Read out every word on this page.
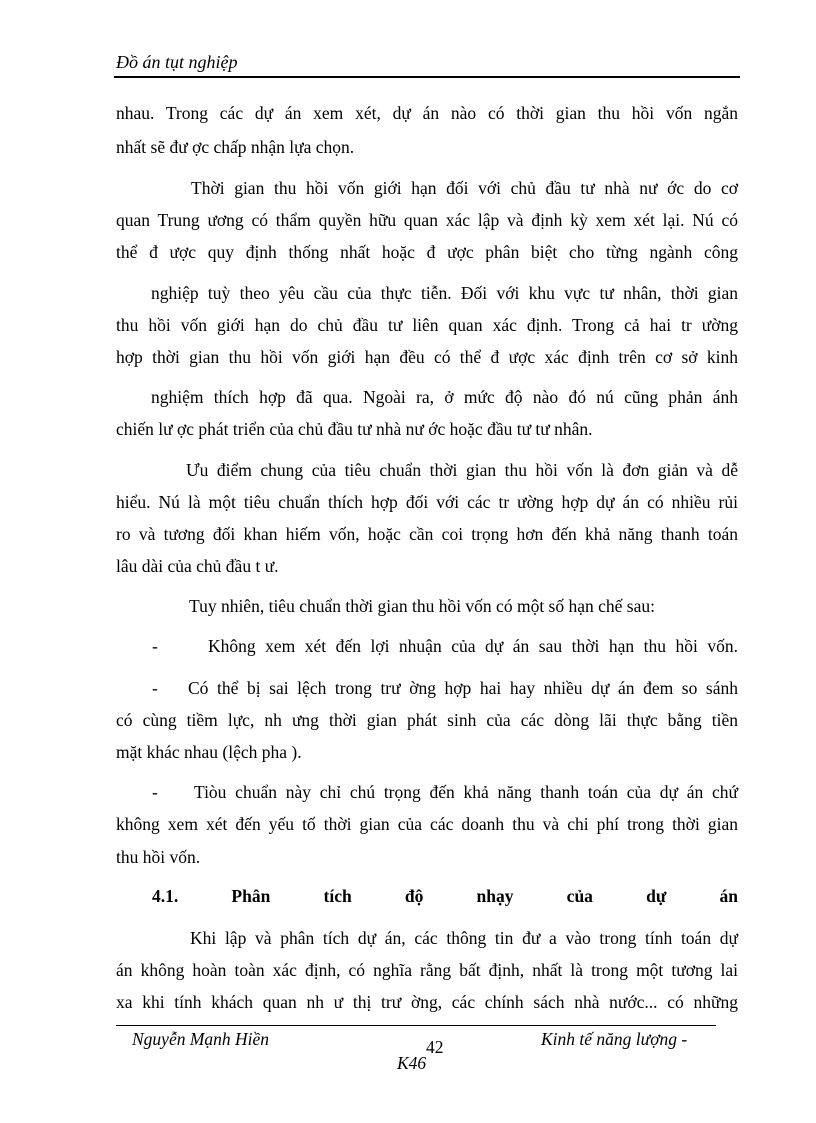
Đồ án tụt nghiệp
nhau. Trong các dự án xem xét, dự án nào có thời gian thu hồi vốn ngắn
nhất sẽ đư ợc chấp nhận lựa chọn.
Thời gian thu hồi vốn giới hạn đối với chủ đầu tư nhà nư ớc do cơ
quan Trung ương có thẩm quyền hữu quan xác lập và định kỳ xem xét lại. Nú có
thể đ ược quy định thống nhất hoặc đ ược phân biệt cho từng ngành công
nghiệp tuỳ theo yêu cầu của thực tiễn. Đối với khu vực tư nhân, thời gian
thu hồi vốn giới hạn do chủ đầu tư liên quan xác định. Trong cả hai tr ường
hợp thời gian thu hồi vốn giới hạn đều có thể đ ược xác định trên cơ sở kinh
nghiệm thích hợp đã qua. Ngoài ra, ở mức độ nào đó nú cũng phản ánh
chiến lư ợc phát triển của chủ đầu tư nhà nư ớc hoặc đầu tư tư nhân.
Ưu điểm chung của tiêu chuẩn thời gian thu hồi vốn là đơn giản và dễ
hiểu. Nú là một tiêu chuẩn thích hợp đối với các tr ường hợp dự án có nhiều rủi
ro và tương đối khan hiếm vốn, hoặc cần coi trọng hơn đến khả năng thanh toán
lâu dài của chủ đầu t ư.
Tuy nhiên, tiêu chuẩn thời gian thu hồi vốn có một số hạn chế sau:
-	Không xem xét đến lợi nhuận của dự án sau thời hạn thu hồi vốn.
- Có thể bị sai lệch trong trư ờng hợp hai hay nhiều dự án đem so sánh
có cùng tiềm lực, nh ưng thời gian phát sinh của các dòng lãi thực bằng tiền
mặt khác nhau (lệch pha ).
- Tiòu chuẩn này chỉ chú trọng đến khả năng thanh toán của dự án chứ
không xem xét đến yếu tố thời gian của các doanh thu và chi phí trong thời gian
thu hồi vốn.
4.1.	Phân	tích	độ	nhạy	của	dự	án
Khi lập và phân tích dự án, các thông tin đư a vào trong tính toán dự
án không hoàn toàn xác định, có nghĩa rằng bất định, nhất là trong một tương lai
xa khi tính khách quan nh ư thị trư ờng, các chính sách nhà nước... có những
Nguyễn Mạnh Hiền	42	Kinh tế năng lượng -
K46
